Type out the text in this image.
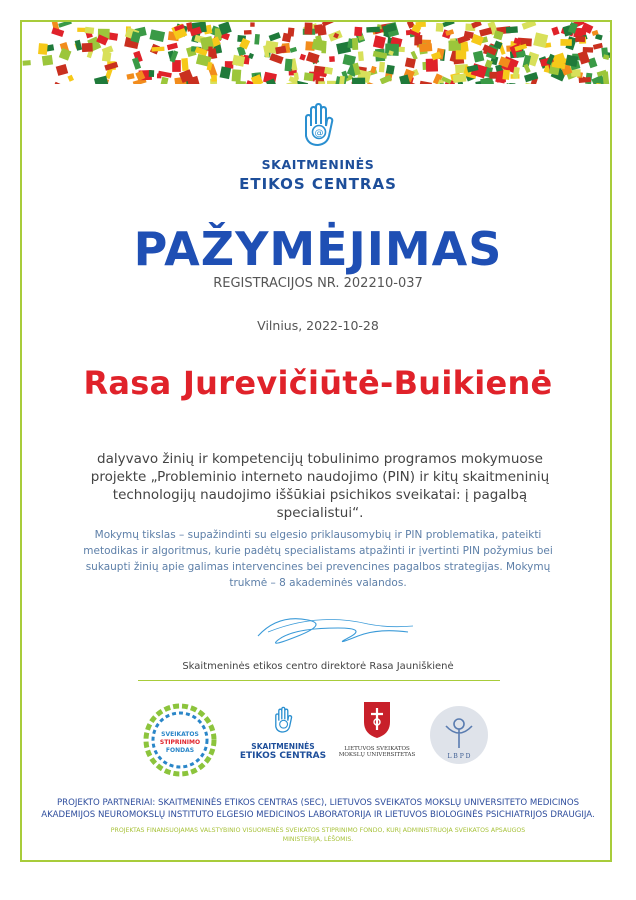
@
SKAITMENINĖS
ETIKOS CENTRAS
PAŽYMĖJIMAS
REGISTRACIJOS NR. 202210-037
Vilnius, 2022-10-28
Rasa Jurevičiūtė-Buikienė
dalyvavo žinių ir kompetencijų tobulinimo programos mokymuose projekte „Probleminio interneto naudojimo (PIN) ir kitų skaitmeninių technologijų naudojimo iššūkiai psichikos sveikatai: į pagalbą specialistui“.
Mokymų tikslas – supažindinti su elgesio priklausomybių ir PIN problematika, pateikti metodikas ir algoritmus, kurie padėtų specialistams atpažinti ir įvertinti PIN požymius bei sukaupti žinių apie galimas intervencines bei prevencines pagalbos strategijas. Mokymų trukmė – 8 akademinės valandos.
Skaitmeninės etikos centro direktorė Rasa Jauniškienė
SVEIKATOS
STIPRINIMO
FONDAS	SKAITMENINĖS
ETIKOS CENTRAS
LIETUVOS SVEIKATOS
MOKSLŲ UNIVERSITETAS	L B P D
PROJEKTO PARTNERIAI: SKAITMENINĖS ETIKOS CENTRAS (SEC), LIETUVOS SVEIKATOS MOKSLŲ UNIVERSITETO MEDICINOS AKADEMIJOS NEUROMOKSLŲ INSTITUTO ELGESIO MEDICINOS LABORATORIJA IR LIETUVOS BIOLOGINĖS PSICHIATRIJOS DRAUGIJA.
PROJEKTAS FINANSUOJAMAS VALSTYBINIO VISUOMENĖS SVEIKATOS STIPRINIMO FONDO, KURĮ ADMINISTRUOJA SVEIKATOS APSAUGOS MINISTERIJA, LĖŠOMIS.
